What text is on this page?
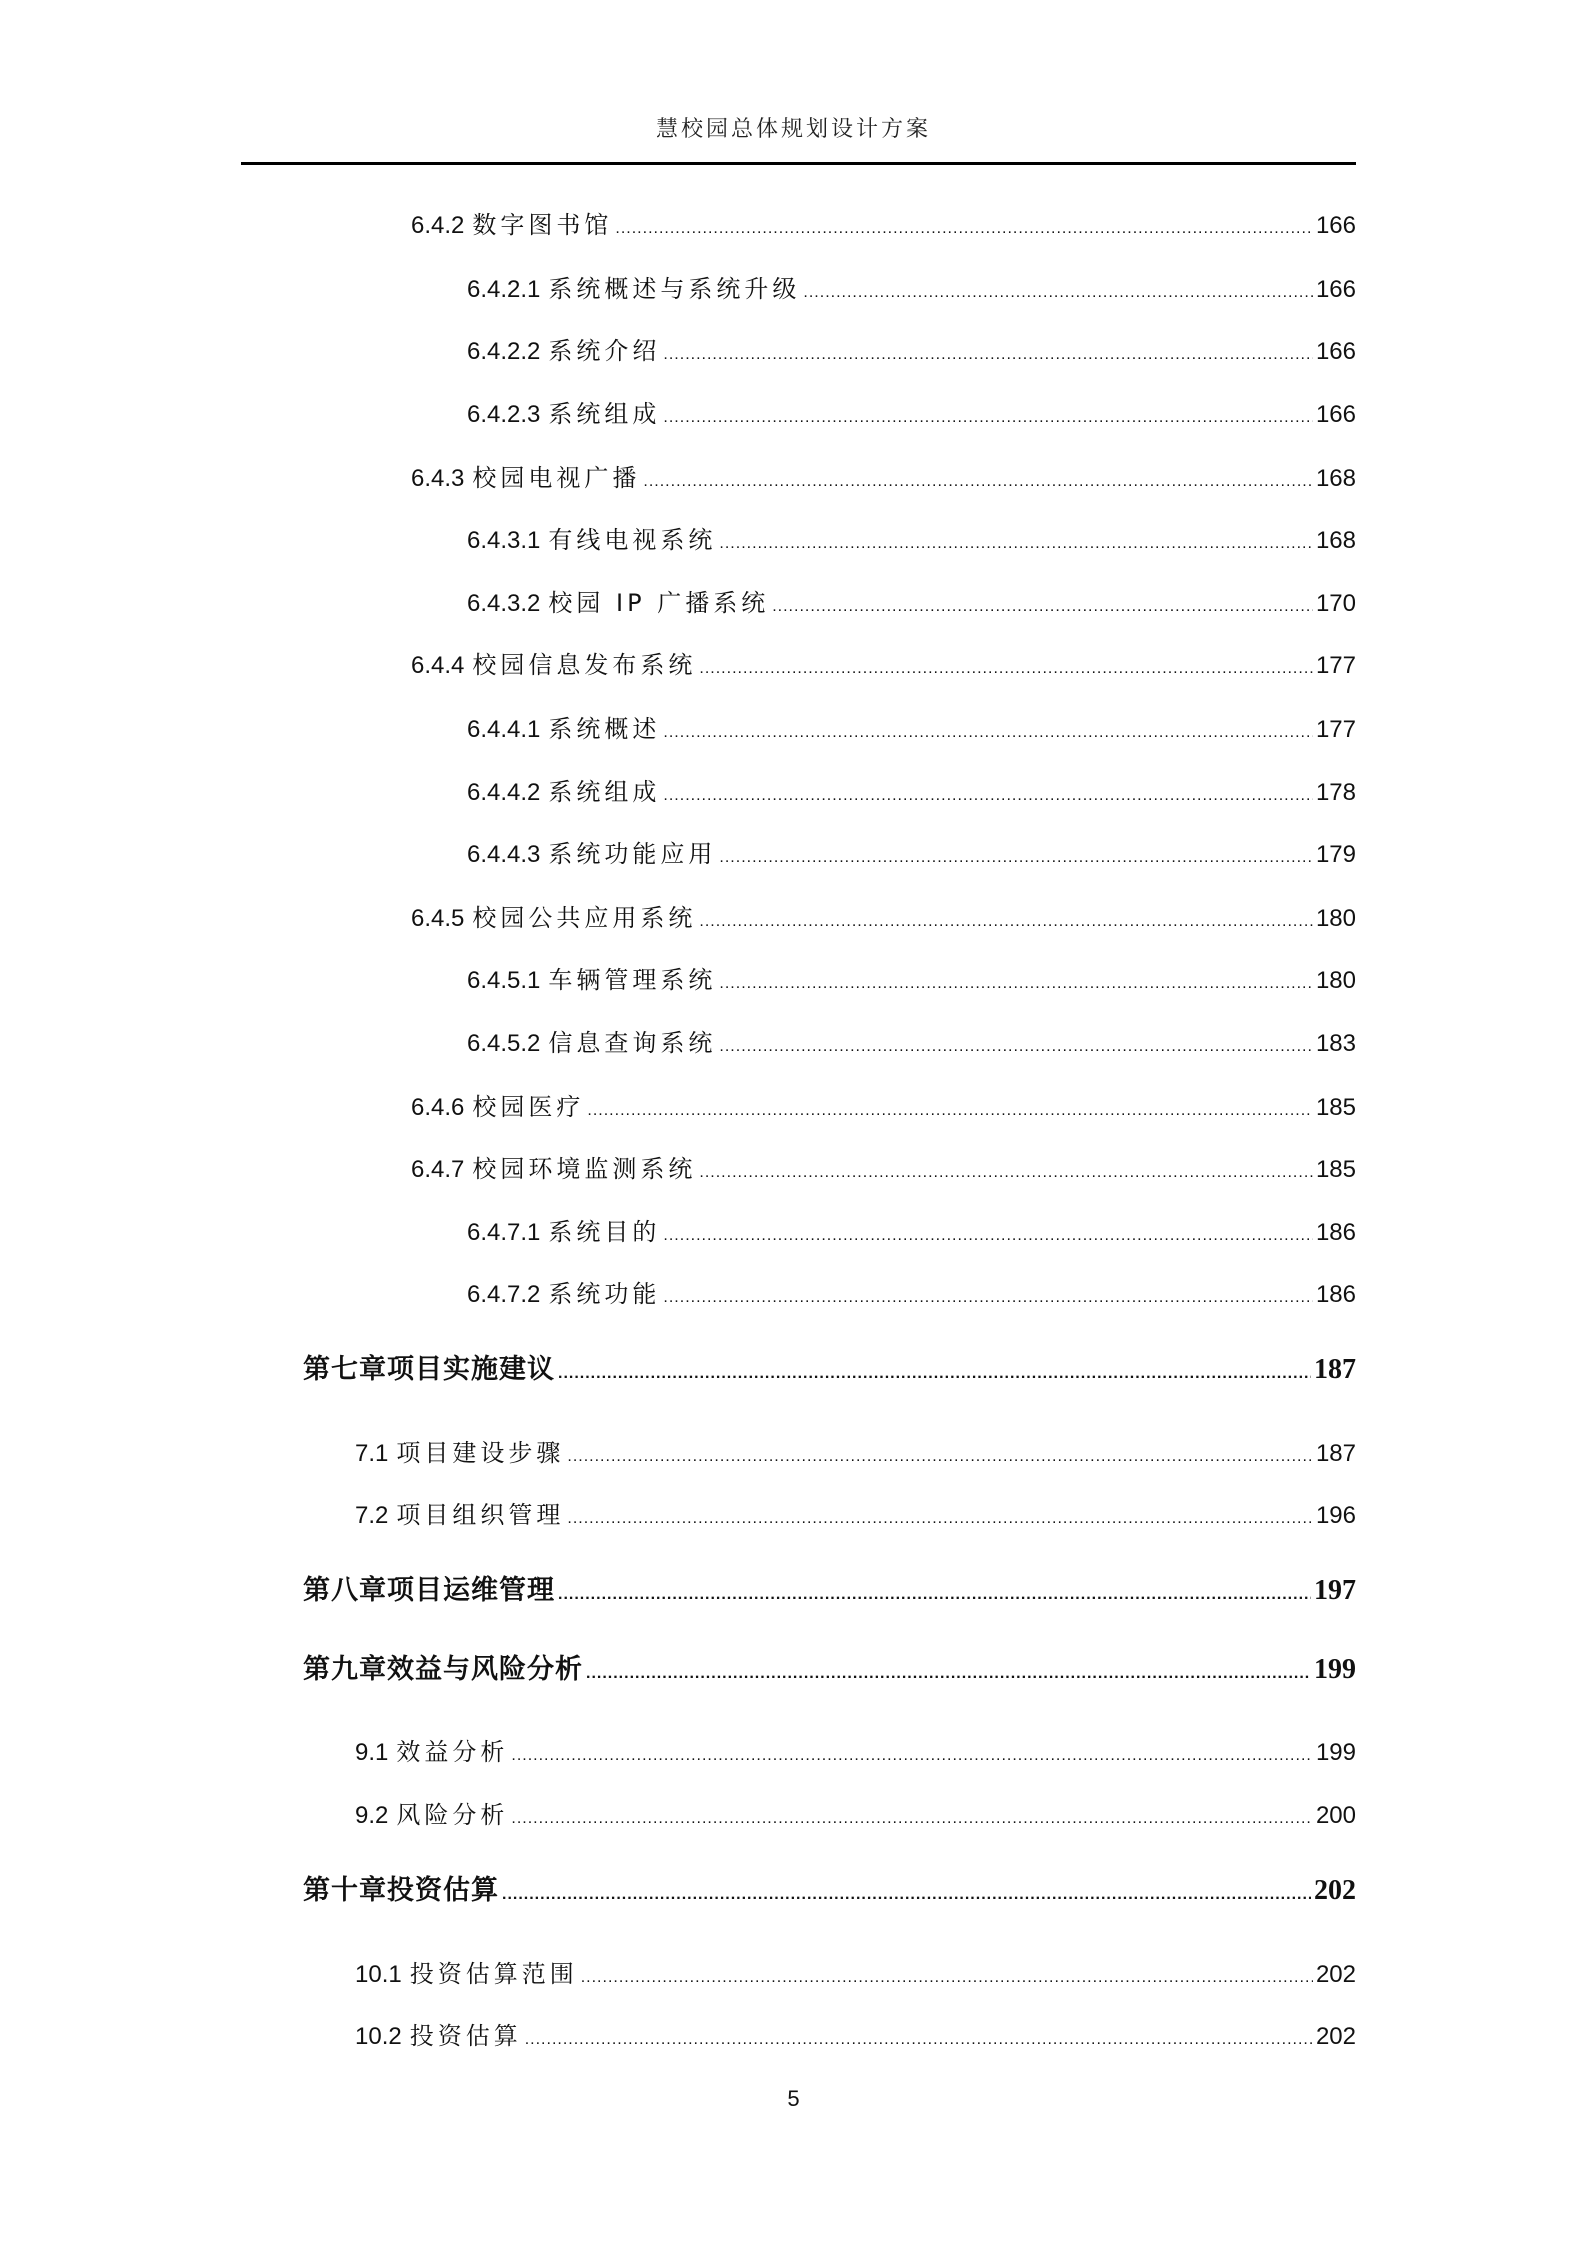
慧校园总体规划设计方案
6.4.2 数字图书馆 .....	166
6.4.2.1 系统概述与系统升级 .....	166
6.4.2.2 系统介绍 .....	166
6.4.2.3 系统组成 .....	166
6.4.3 校园电视广播 .....	168
6.4.3.1 有线电视系统 .....	168
6.4.3.2 校园 IP 广播系统 .....	170
6.4.4 校园信息发布系统 .....	177
6.4.4.1 系统概述 .....	177
6.4.4.2 系统组成 .....	178
6.4.4.3 系统功能应用 .....	179
6.4.5 校园公共应用系统 .....	180
6.4.5.1 车辆管理系统 .....	180
6.4.5.2 信息查询系统 .....	183
6.4.6 校园医疗 .....	185
6.4.7 校园环境监测系统 .....	185
6.4.7.1 系统目的 .....	186
6.4.7.2 系统功能 .....	186
第七章项目实施建议 .....	187
7.1 项目建设步骤 .....	187
7.2 项目组织管理 .....	196
第八章项目运维管理 .....	197
第九章效益与风险分析 .....	199
9.1 效益分析 .....	199
9.2 风险分析 .....	200
第十章投资估算 .....	202
10.1 投资估算范围 .....	202
10.2 投资估算 .....	202
5
